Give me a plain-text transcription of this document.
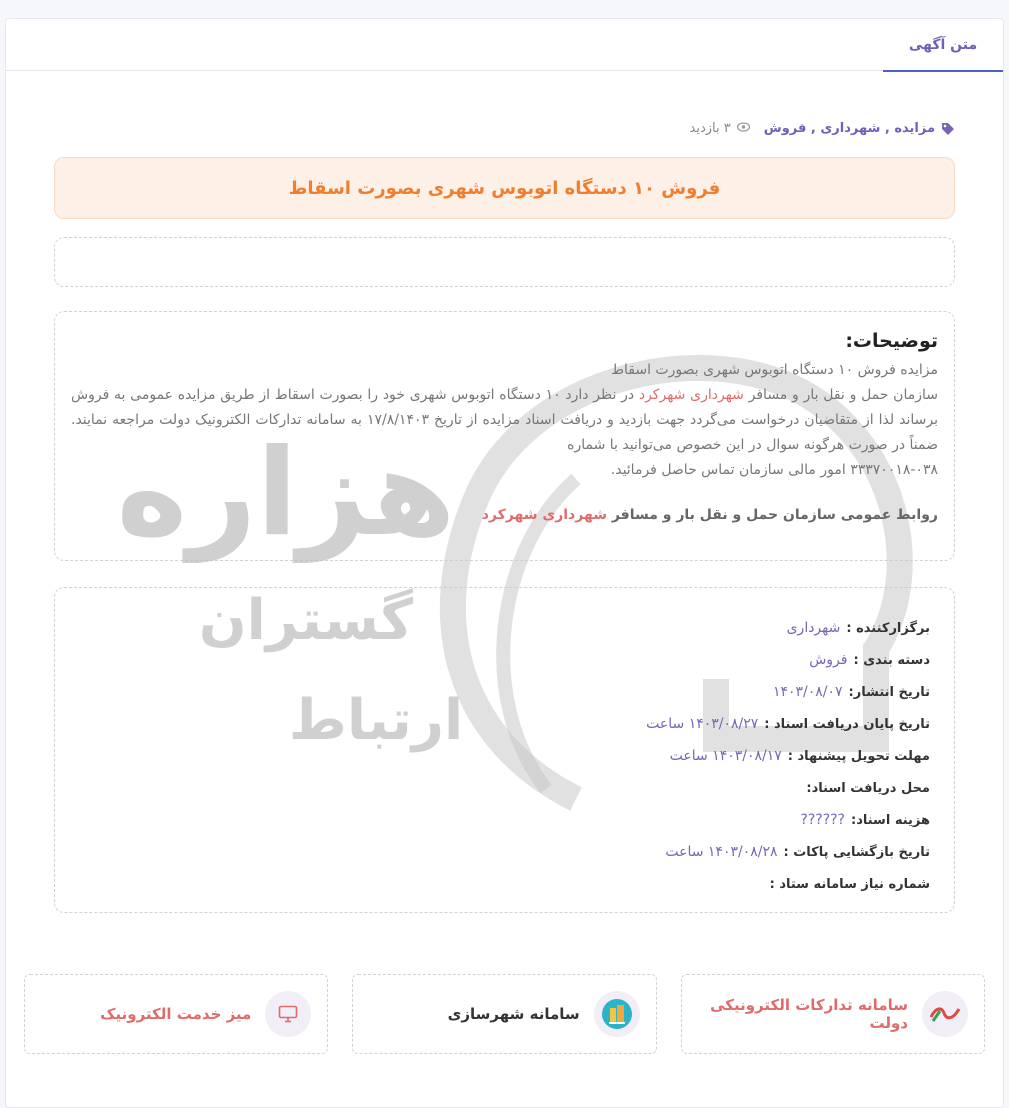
متن آگهی
مزایده , شهرداری , فروش
۳ بازدید
فروش ۱۰ دستگاه اتوبوس شهری بصورت اسقاط
هزاره
گستران
ارتباط
توضیحات:
مزایده فروش ۱۰ دستگاه اتوبوس شهری بصورت اسقاط
سازمان حمل و نقل بار و مسافر شهرداری شهرکرد در نظر دارد ۱۰ دستگاه اتوبوس شهری خود را بصورت اسقاط از طریق مزایده عمومی به فروش برساند لذا از متقاضیان درخواست می‌گردد جهت بازدید و دریافت اسناد مزایده از تاریخ ۱۷/۸/۱۴۰۳ به سامانه تدارکات الکترونیک دولت مراجعه نمایند. ضمناً در صورت هرگونه سوال در این خصوص می‌توانید با شماره
۳۳۳۷۰۰۱۸-۰۳۸ امور مالی سازمان تماس حاصل فرمائید.
روابط عمومی سازمان حمل و نقل بار و مسافر شهرداری شهرکرد
برگزارکننده :
شهرداری
دسته بندی :
فروش
تاریخ انتشار:
۱۴۰۳/۰۸/۰۷
تاریخ پایان دریافت اسناد :
۱۴۰۳/۰۸/۲۷ ساعت
مهلت تحویل پیشنهاد :
۱۴۰۳/۰۸/۱۷ ساعت
محل دریافت اسناد:
هزینه اسناد:
??????
تاریخ بازگشایی پاکات :
۱۴۰۳/۰۸/۲۸ ساعت
شماره نیاز سامانه ستاد :
سامانه تدارکات الکترونیکی دولت
سامانه شهرسازی
میز خدمت الکترونیک
